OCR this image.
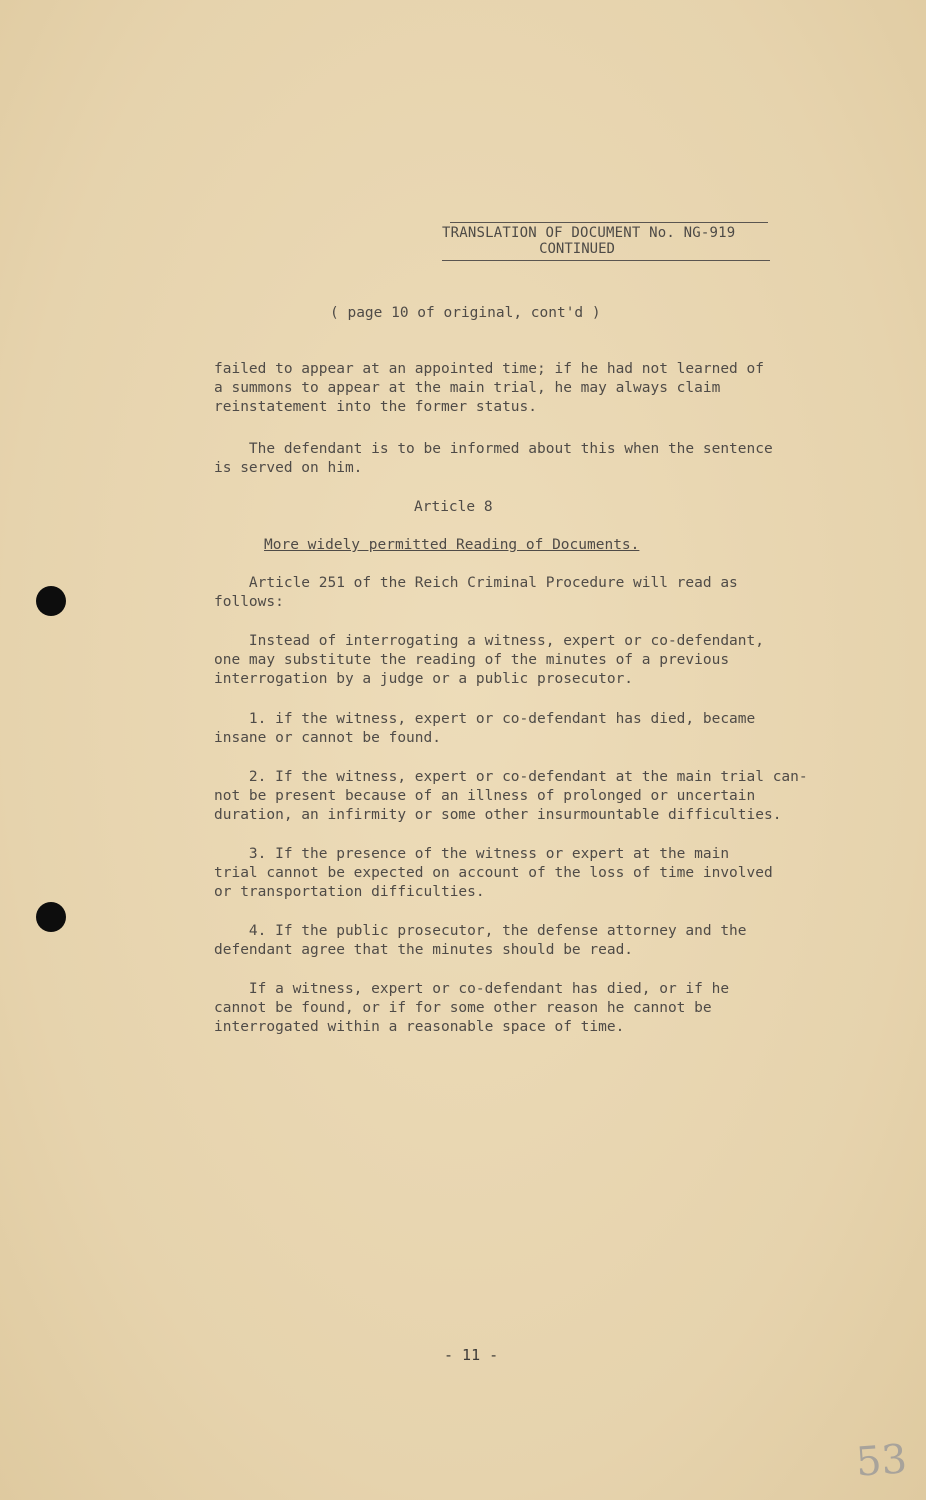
TRANSLATION OF DOCUMENT No. NG-919
CONTINUED
( page 10 of original, cont'd )
failed to appear at an appointed time; if he had not learned of
a summons to appear at the main trial, he may always claim
reinstatement into the former status.
The defendant is to be informed about this when the sentence
is served on him.
Article 8
More widely permitted Reading of Documents.
Article 251 of the Reich Criminal Procedure will read as
follows:
Instead of interrogating a witness, expert or co-defendant,
one may substitute the reading of the minutes of a previous
interrogation by a judge or a public prosecutor.
1. if the witness, expert or co-defendant has died, became
insane or cannot be found.
2. If the witness, expert or co-defendant at the main trial can-
not be present because of an illness of prolonged or uncertain
duration, an infirmity or some other insurmountable difficulties.
3. If the presence of the witness or expert at the main
trial cannot be expected on account of the loss of time involved
or transportation difficulties.
4. If the public prosecutor, the defense attorney and the
defendant agree that the minutes should be read.
If a witness, expert or co-defendant has died, or if he
cannot be found, or if for some other reason he cannot be
interrogated within a reasonable space of time.
- 11 -
53
